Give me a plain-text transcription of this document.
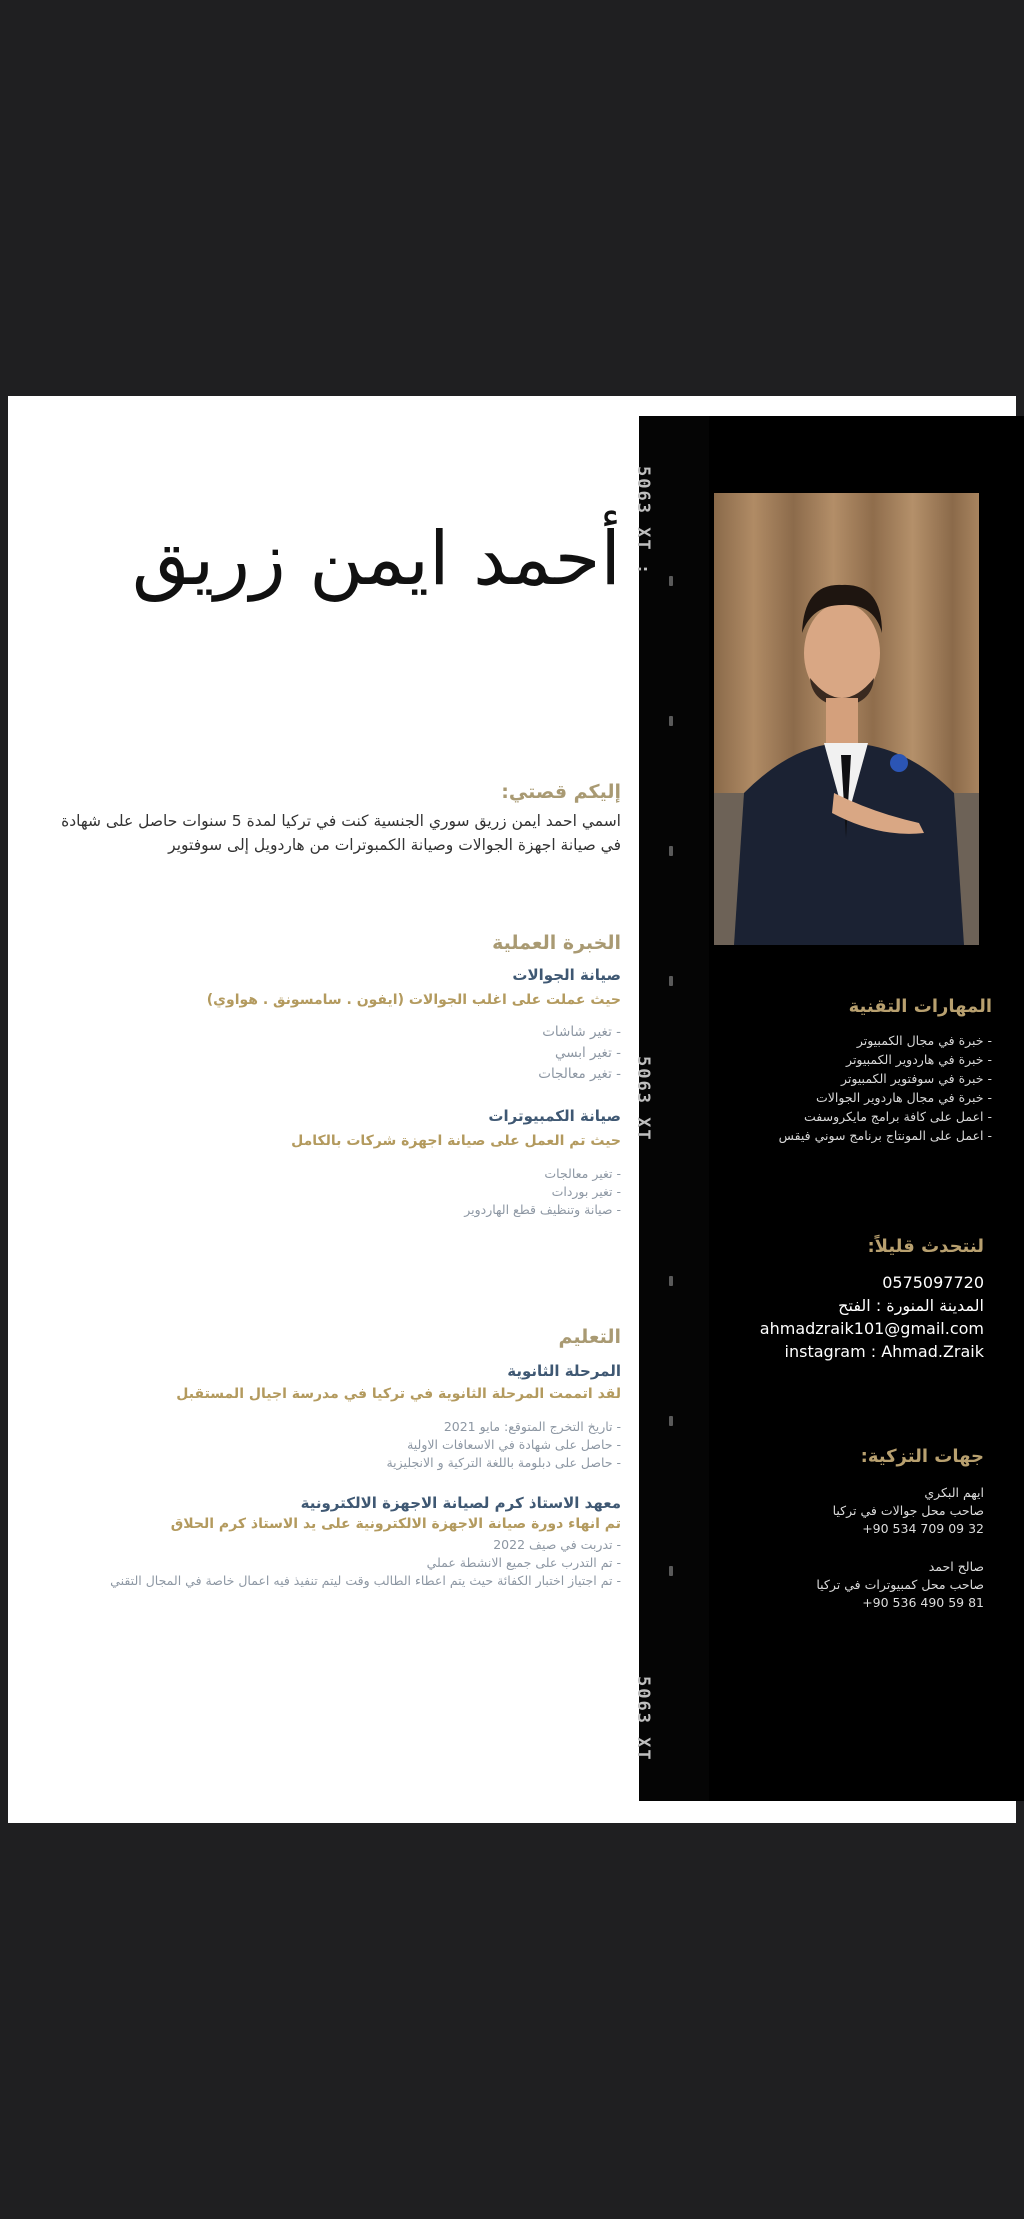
أحمد ايمن زريق
إليكم قصتي:
اسمي احمد ايمن زريق سوري الجنسية كنت في تركيا لمدة 5 سنوات حاصل على شهادة في صيانة اجهزة الجوالات وصيانة الكمبوترات من هاردويل إلى سوفتوير
الخبرة العملية
صيانة الجوالات
حيث عملت على اغلب الجوالات (ايفون . سامسونق . هواوي)
- تغير شاشات
- تغير ابسي
- تغير معالجات
صيانة الكمبيوترات
حيث تم العمل على صيانة اجهزة شركات بالكامل
- تغير معالجات
- تغير بوردات
- صيانة وتنظيف قطع الهاردوير
التعليم
المرحلة الثانوية
لقد اتممت المرحلة الثانوية في تركيا في مدرسة اجيال المستقبل
- تاريخ التخرج المتوقع: مايو 2021
- حاصل على شهادة في الاسعافات الاولية
- حاصل على دبلومة باللغة التركية و الانجليزية
معهد الاستاذ كرم لصيانة الاجهزة الالكترونية
تم انهاء دورة صيانة الاجهزة الالكترونية على يد الاستاذ كرم الحلاق
- تدربت في صيف 2022
- تم التدرب على جميع الانشطة عملي
- تم اجتياز اختبار الكفائة حيث يتم اعطاء الطالب وقت ليتم تنفيذ فيه اعمال خاصة في المجال التقني
5063 XT :
5063 XT
5063 XT
المهارات التقنية
- خبرة في مجال الكمبيوتر
- خبرة في هاردوير الكمبيوتر
- خبرة في سوفتوير الكمبيوتر
- خبرة في مجال هاردوير الجوالات
- اعمل على كافة برامج مايكروسفت
- اعمل على المونتاج برنامج سوني فيقس
لنتحدث قليلاً:
0575097720
المدينة المنورة : الفتح
ahmadzraik101@gmail.com
instagram : Ahmad.Zraik
جهات التزكية:
ايهم البكري
صاحب محل جوالات في تركيا
+90 534 709 09 32
صالح احمد
صاحب محل كمبيوترات في تركيا
+90 536 490 59 81
